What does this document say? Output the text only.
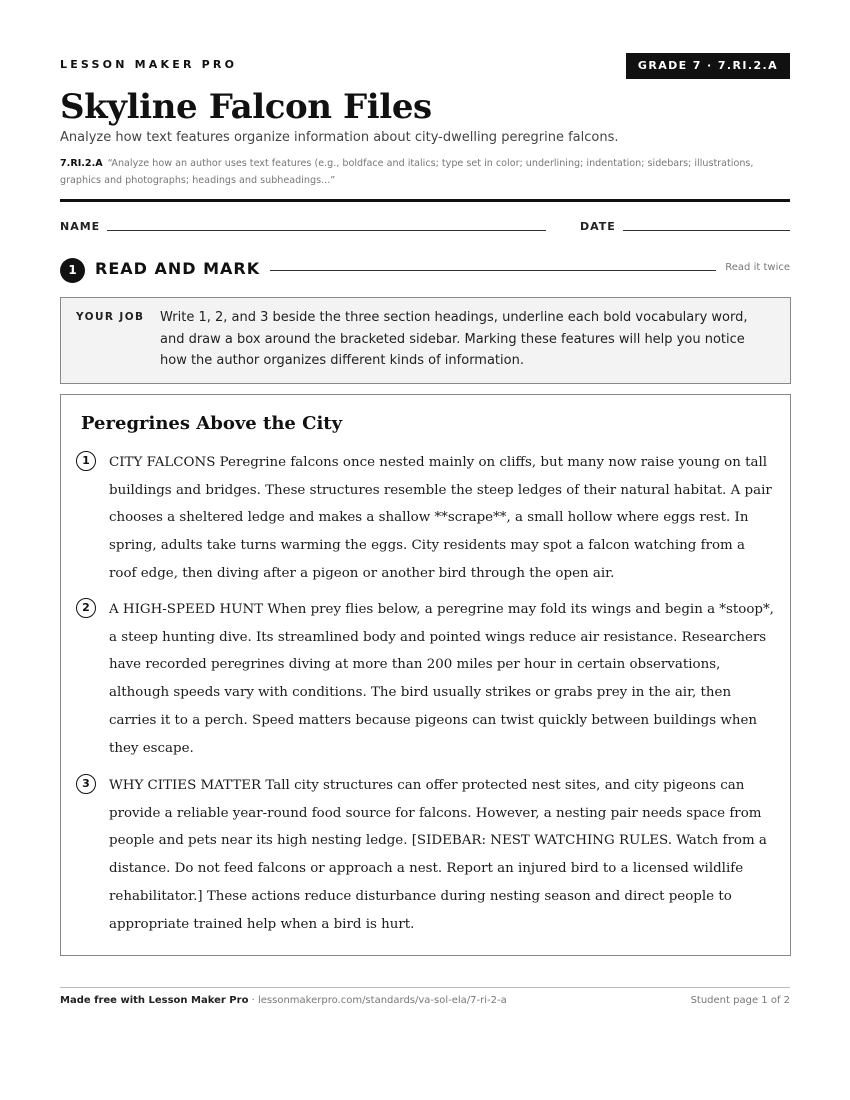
LESSON MAKER PRO	GRADE 7 · 7.RI.2.A
Skyline Falcon Files
Analyze how text features organize information about city-dwelling peregrine falcons.
7.RI.2.A “Analyze how an author uses text features (e.g., boldface and italics; type set in color; underlining; indentation; sidebars; illustrations, graphics and photographs; headings and subheadings...”
NAME	DATE
1	READ AND MARK	Read it twice
YOUR JOB Write 1, 2, and 3 beside the three section headings, underline each bold vocabulary word, and draw a box around the bracketed sidebar. Marking these features will help you notice how the author organizes different kinds of information.
Peregrines Above the City
1	CITY FALCONS Peregrine falcons once nested mainly on cliffs, but many now raise young on tall buildings and bridges. These structures resemble the steep ledges of their natural habitat. A pair chooses a sheltered ledge and makes a shallow **scrape**, a small hollow where eggs rest. In spring, adults take turns warming the eggs. City residents may spot a falcon watching from a roof edge, then diving after a pigeon or another bird through the open air.
2	A HIGH-SPEED HUNT When prey flies below, a peregrine may fold its wings and begin a *stoop*, a steep hunting dive. Its streamlined body and pointed wings reduce air resistance. Researchers have recorded peregrines diving at more than 200 miles per hour in certain observations, although speeds vary with conditions. The bird usually strikes or grabs prey in the air, then carries it to a perch. Speed matters because pigeons can twist quickly between buildings when they escape.
3	WHY CITIES MATTER Tall city structures can offer protected nest sites, and city pigeons can provide a reliable year-round food source for falcons. However, a nesting pair needs space from people and pets near its high nesting ledge. [SIDEBAR: NEST WATCHING RULES. Watch from a distance. Do not feed falcons or approach a nest. Report an injured bird to a licensed wildlife rehabilitator.] These actions reduce disturbance during nesting season and direct people to appropriate trained help when a bird is hurt.
Made free with Lesson Maker Pro · lessonmakerpro.com/standards/va-sol-ela/7-ri-2-a	Student page 1 of 2
